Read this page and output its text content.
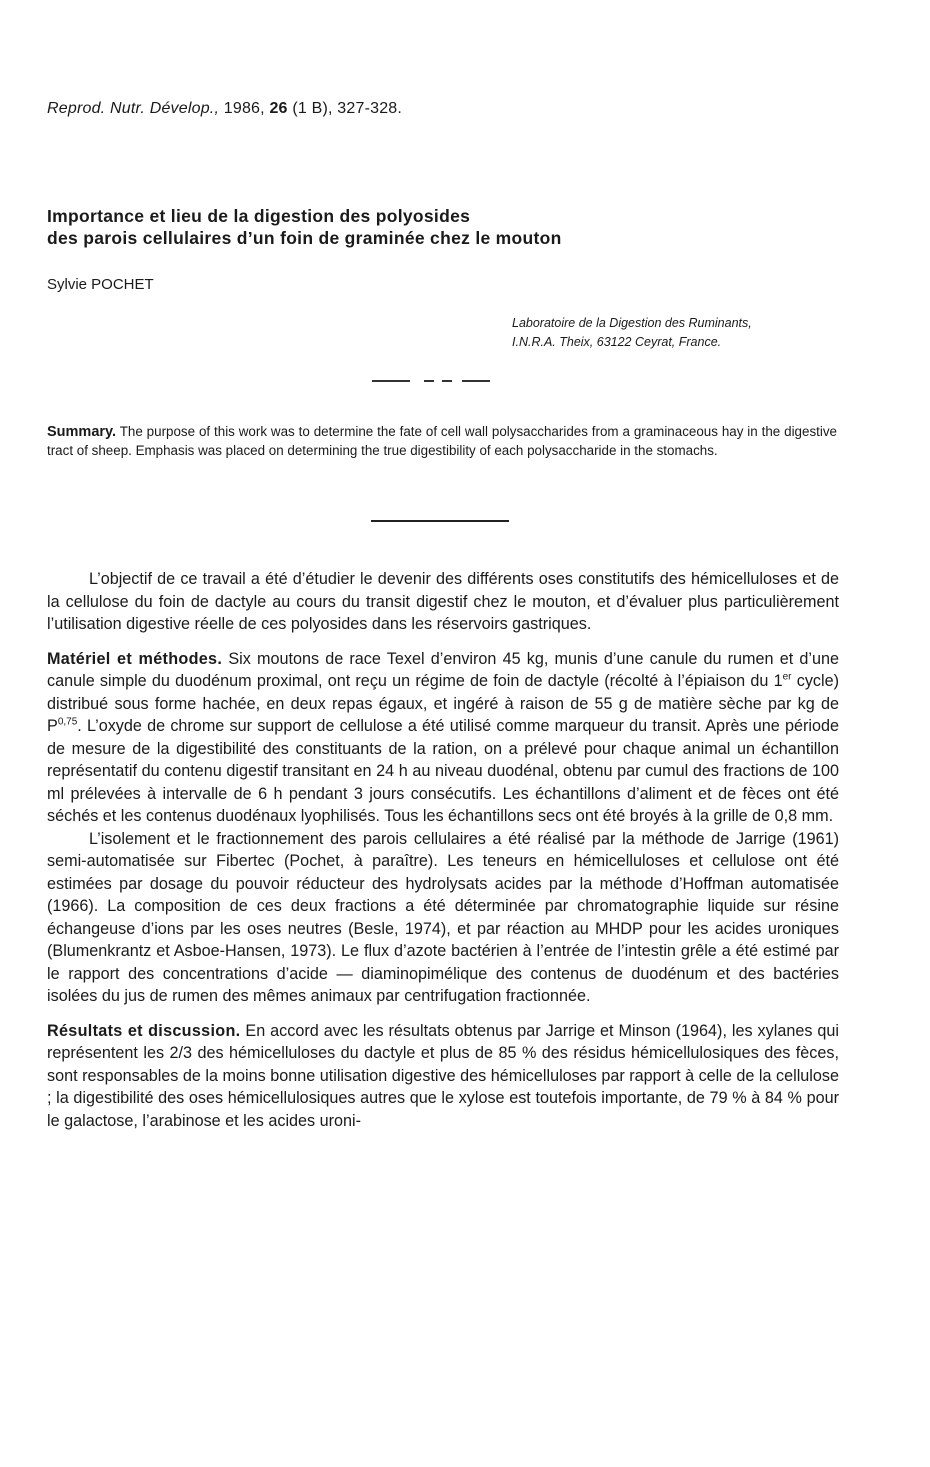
Reprod. Nutr. Dévelop., 1986, 26 (1 B), 327-328.
Importance et lieu de la digestion des polyosides
des parois cellulaires d’un foin de graminée chez le mouton
Sylvie POCHET
Laboratoire de la Digestion des Ruminants,
I.N.R.A. Theix, 63122 Ceyrat, France.
Summary. The purpose of this work was to determine the fate of cell wall polysaccharides from a graminaceous hay in the digestive tract of sheep. Emphasis was placed on determining the true digestibility of each polysaccharide in the stomachs.

L’objectif de ce travail a été d’étudier le devenir des différents oses constitutifs des hémicelluloses et de la cellulose du foin de dactyle au cours du transit digestif chez le mouton, et d’évaluer plus particulièrement l’utilisation digestive réelle de ces polyosides dans les réservoirs gastriques.

Matériel et méthodes. Six moutons de race Texel d’environ 45 kg, munis d’une canule du rumen et d’une canule simple du duodénum proximal, ont reçu un régime de foin de dactyle (récolté à l’épiaison du 1er cycle) distribué sous forme hachée, en deux repas égaux, et ingéré à raison de 55 g de matière sèche par kg de P$^{0,75}$. L’oxyde de chrome sur support de cellulose a été utilisé comme marqueur du transit. Après une période de mesure de la digestibilité des constituants de la ration, on a prélevé pour chaque animal un échantillon représentatif du contenu digestif transitant en 24 h au niveau duodénal, obtenu par cumul des fractions de 100 ml prélevées à intervalle de 6 h pendant 3 jours consécutifs. Les échantillons d’aliment et de fèces ont été séchés et les contenus duodénaux lyophilisés. Tous les échantillons secs ont été broyés à la grille de 0,8 mm.

L’isolement et le fractionnement des parois cellulaires a été réalisé par la méthode de Jarrige (1961) semi-automatisée sur Fibertec (Pochet, à paraître). Les teneurs en hémicelluloses et cellulose ont été estimées par dosage du pouvoir réducteur des hydrolysats acides par la méthode d’Hoffman automatisée (1966). La composition de ces deux fractions a été déterminée par chromatographie liquide sur résine échangeuse d’ions par les oses neutres (Besle, 1974), et par réaction au MHDP pour les acides uroniques (Blumenkrantz et Asboe-Hansen, 1973). Le flux d’azote bactérien à l’entrée de l’intestin grêle a été estimé par le rapport des concentrations d’acide — diaminopimélique des contenus de duodénum et des bactéries isolées du jus de rumen des mêmes animaux par centrifugation fractionnée.

Résultats et discussion. En accord avec les résultats obtenus par Jarrige et Minson (1964), les xylanes qui représentent les 2/3 des hémicelluloses du dactyle et plus de 85 % des résidus hémicellulosiques des fèces, sont responsables de la moins bonne utilisation digestive des hémicelluloses par rapport à celle de la cellulose ; la digestibilité des oses hémicellulosiques autres que le xylose est toutefois importante, de 79 % à 84 % pour le galactose, l’arabinose et les acides uroni-
